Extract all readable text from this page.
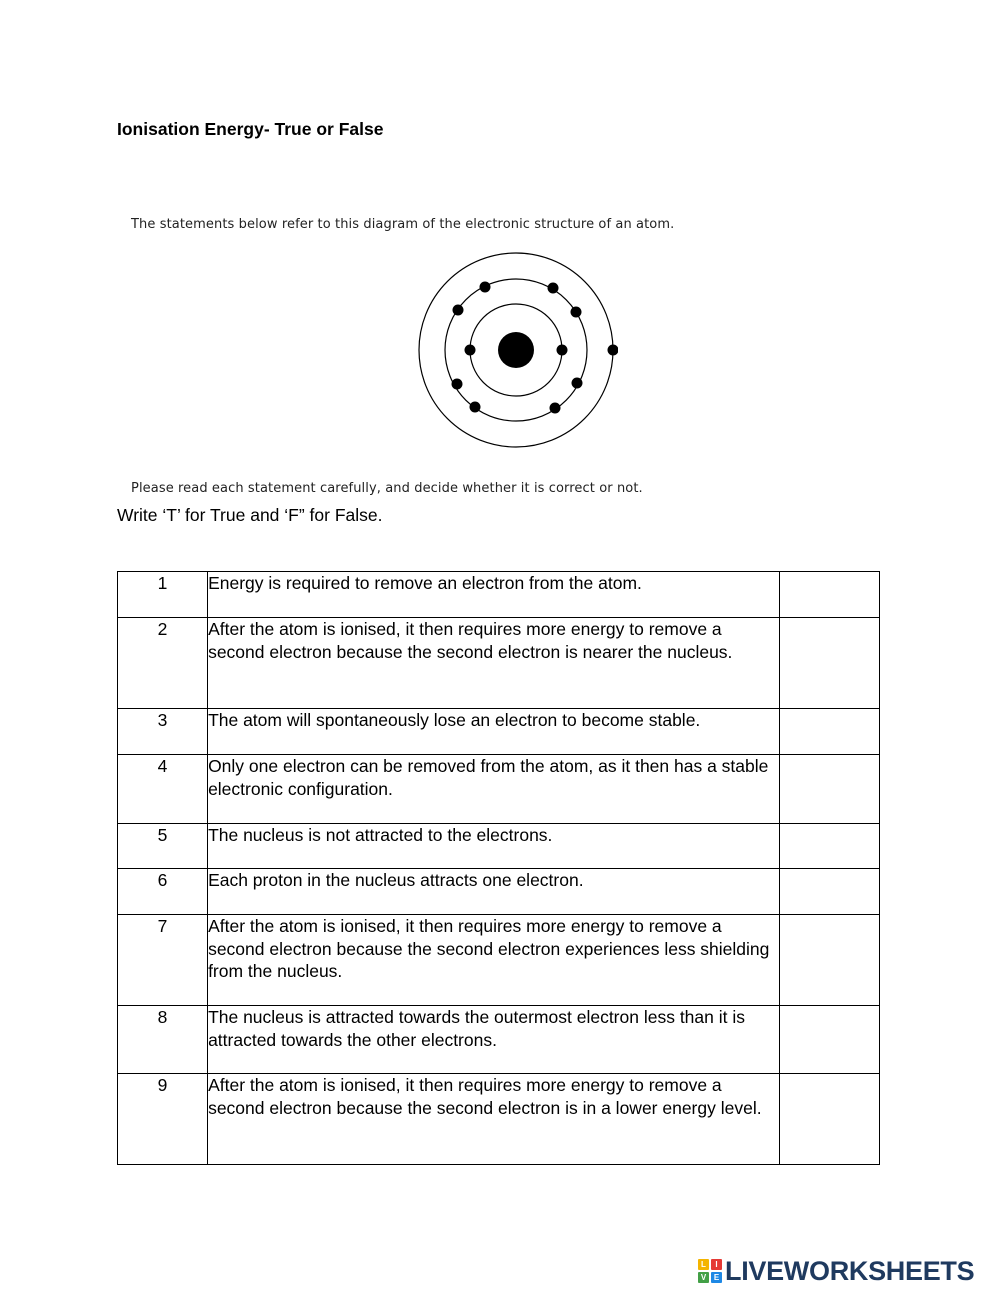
Ionisation Energy- True or False
The statements below refer to this diagram of the electronic structure of an atom.
Please read each statement carefully, and decide whether it is correct or not.
Write ‘T’ for True and ‘F” for False.
1	Energy is required to remove an electron from the atom.	
2	After the atom is ionised, it then requires more energy to remove a second electron because the second electron is nearer the nucleus.	
3	The atom will spontaneously lose an electron to become stable.	
4	Only one electron can be removed from the atom, as it then has a stable electronic configuration.	
5	The nucleus is not attracted to the electrons.	
6	Each proton in the nucleus attracts one electron.	
7	After the atom is ionised, it then requires more energy to remove a second electron because the second electron experiences less shielding from the nucleus.	
8	The nucleus is attracted towards the outermost electron less than it is attracted towards the other electrons.	
9	After the atom is ionised, it then requires more energy to remove a second electron because the second electron is in a lower energy level.	
L	I
V E LIVEWORKSHEETS
